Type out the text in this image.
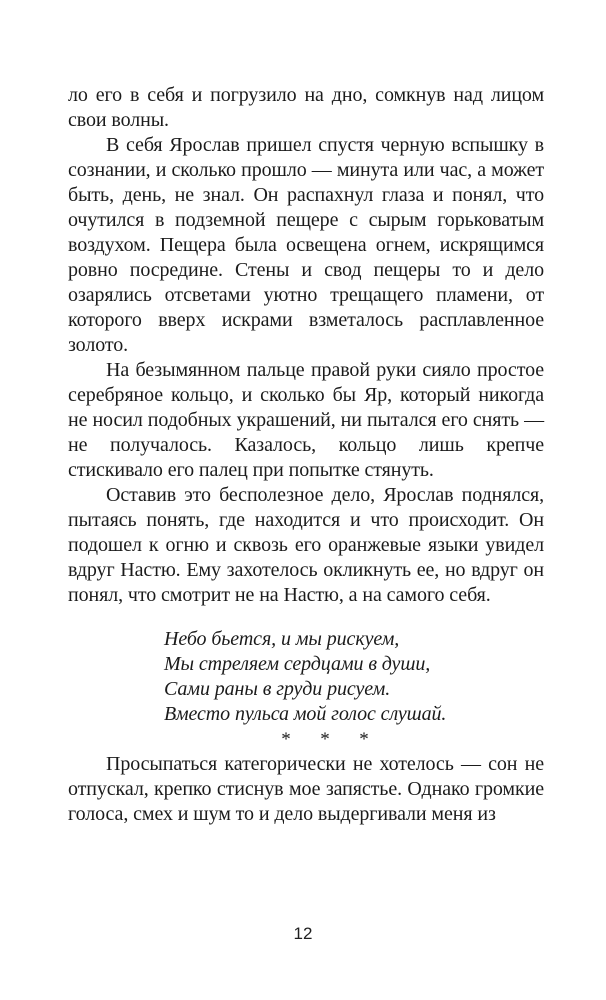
ло его в себя и погрузило на дно, сомкнув над лицом свои волны.

В себя Ярослав пришел спустя черную вспышку в сознании, и сколько прошло — минута или час, а может быть, день, не знал. Он распахнул глаза и понял, что очутился в подземной пещере с сырым горьковатым воздухом. Пещера была освещена огнем, искрящимся ровно посредине. Стены и свод пещеры то и дело озарялись отсветами уютно трещащего пламени, от которого вверх искрами взметалось расплавленное золото.

На безымянном пальце правой руки сияло простое серебряное кольцо, и сколько бы Яр, который никогда не носил подобных украшений, ни пытался его снять — не получалось. Казалось, кольцо лишь крепче стискивало его палец при попытке стянуть.

Оставив это бесполезное дело, Ярослав поднялся, пытаясь понять, где находится и что происходит. Он подошел к огню и сквозь его оранжевые языки увидел вдруг Настю. Ему захотелось окликнуть ее, но вдруг он понял, что смотрит не на Настю, а на самого себя.

Небо бьется, и мы рискуем,
Мы стреляем сердцами в души,
Сами раны в груди рисуем.
Вместо пульса мой голос слушай.

* * *

Просыпаться категорически не хотелось — сон не отпускал, крепко стиснув мое запястье. Однако громкие голоса, смех и шум то и дело выдергивали меня из

12
